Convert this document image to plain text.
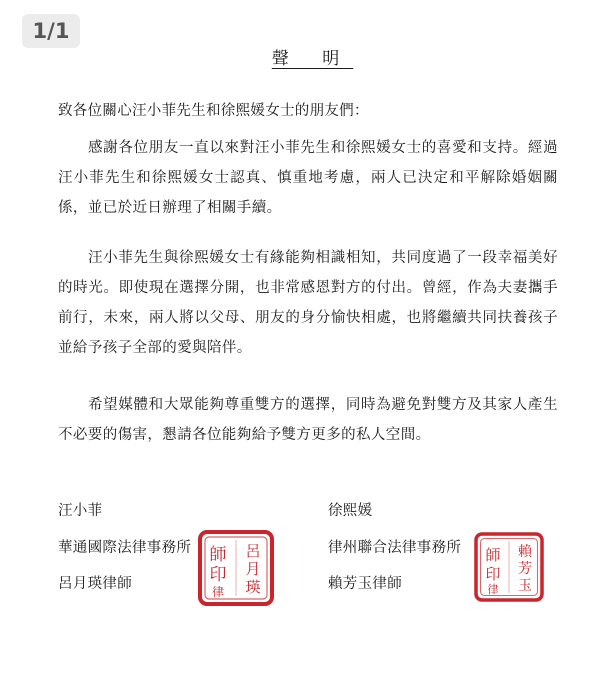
1/1
聲 明
致各位關心汪小菲先生和徐熙媛女士的朋友們：
感謝各位朋友一直以來對汪小菲先生和徐熙媛女士的喜愛和支持。經過汪小菲先生和徐熙媛女士認真、慎重地考慮，兩人已決定和平解除婚姻關係，並已於近日辦理了相關手續。
汪小菲先生與徐熙媛女士有緣能夠相識相知，共同度過了一段幸福美好的時光。即使現在選擇分開，也非常感恩對方的付出。曾經，作為夫妻攜手前行，未來，兩人將以父母、朋友的身分愉快相處，也將繼續共同扶養孩子並給予孩子全部的愛與陪伴。
希望媒體和大眾能夠尊重雙方的選擇，同時為避免對雙方及其家人產生不必要的傷害，懇請各位能夠給予雙方更多的私人空間。
汪小菲
華通國際法律事務所
呂月瑛律師
師
印
呂
月
瑛
律
徐熙媛
律州聯合法律事務所
賴芳玉律師
師
印
賴
芳
玉
律
